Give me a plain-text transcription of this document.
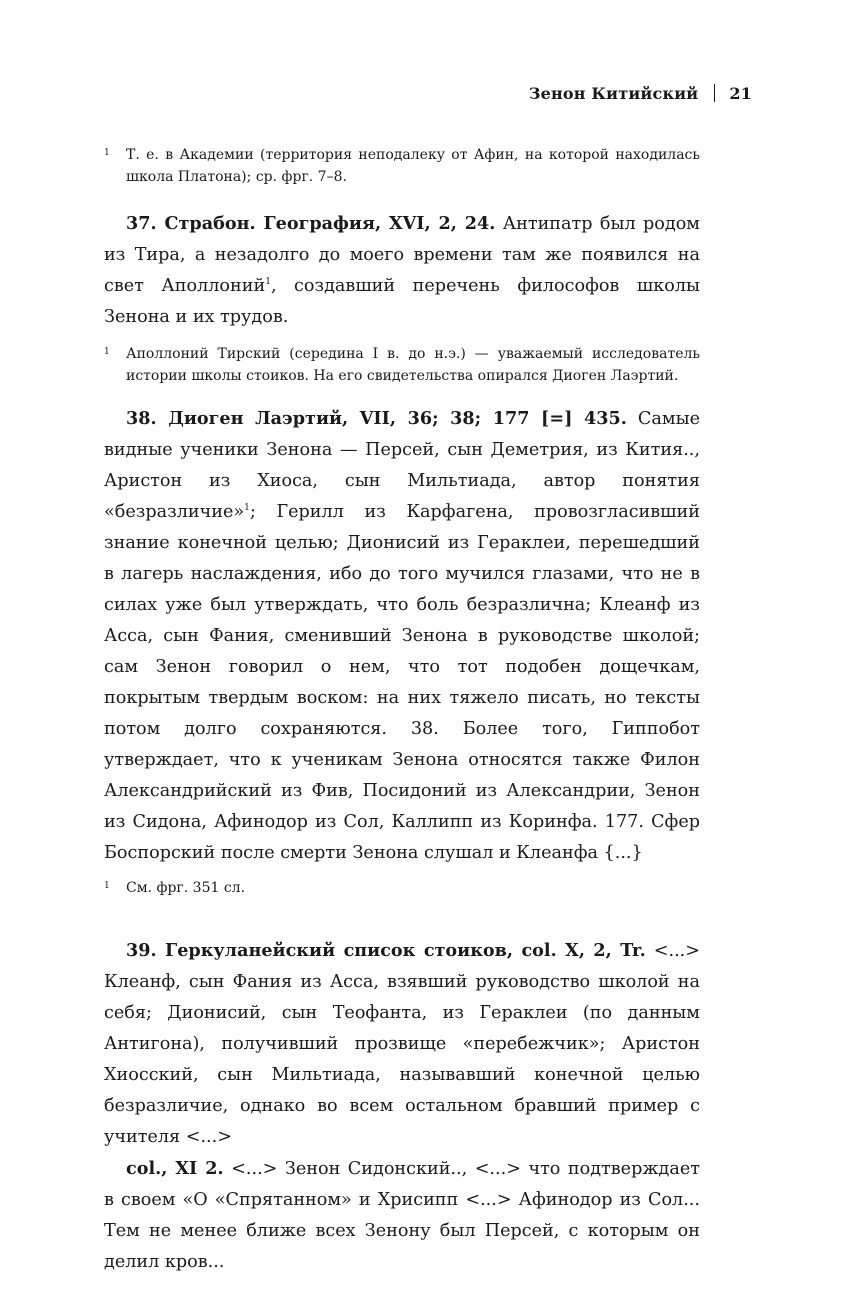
Зенон Китийский 21

1 Т. е. в Академии (территория неподалеку от Афин, на которой находилась школа Платона); ср. фрг. 7–8.

37. Страбон. География, XVI, 2, 24. Антипатр был родом из Тира, а незадолго до моего времени там же появился на свет Аполлоний$^1$, создавший перечень философов школы Зенона и их трудов.

1 Аполлоний Тирский (середина I в. до н.э.) — уважаемый исследователь истории школы стоиков. На его свидетельства опирался Диоген Лаэртий.

38. Диоген Лаэртий, VII, 36; 38; 177 [=] 435. Самые видные ученики Зенона — Персей, сын Деметрия, из Кития.., Аристон из Хиоса, сын Мильтиада, автор понятия «безразличие»$^1$; Герилл из Карфагена, провозгласивший знание конечной целью; Дионисий из Гераклеи, перешедший в лагерь наслаждения, ибо до того мучился глазами, что не в силах уже был утверждать, что боль безразлична; Клеанф из Асса, сын Фания, сменивший Зенона в руководстве школой; сам Зенон говорил о нем, что тот подобен дощечкам, покрытым твердым воском: на них тяжело писать, но тексты потом долго сохраняются. 38. Более того, Гиппобот утверждает, что к ученикам Зенона относятся также Филон Александрийский из Фив, Посидоний из Александрии, Зенон из Сидона, Афинодор из Сол, Каллипп из Коринфа. 177. Сфер Боспорский после смерти Зенона слушал и Клеанфа {...}

1 См. фрг. 351 сл.

39. Геркуланейский список стоиков, col. X, 2, Tr. <...> Клеанф, сын Фания из Асса, взявший руководство школой на себя; Дионисий, сын Теофанта, из Гераклеи (по данным Антигона), получивший прозвище «перебежчик»; Аристон Хиосский, сын Мильтиада, называвший конечной целью безразличие, однако во всем остальном бравший пример с учителя <...>

col., XI 2. <...> Зенон Сидонский.., <...> что подтверждает в своем «О «Спрятанном» и Хрисипп <...> Афинодор из Сол... Тем не менее ближе всех Зенону был Персей, с которым он делил кров...
